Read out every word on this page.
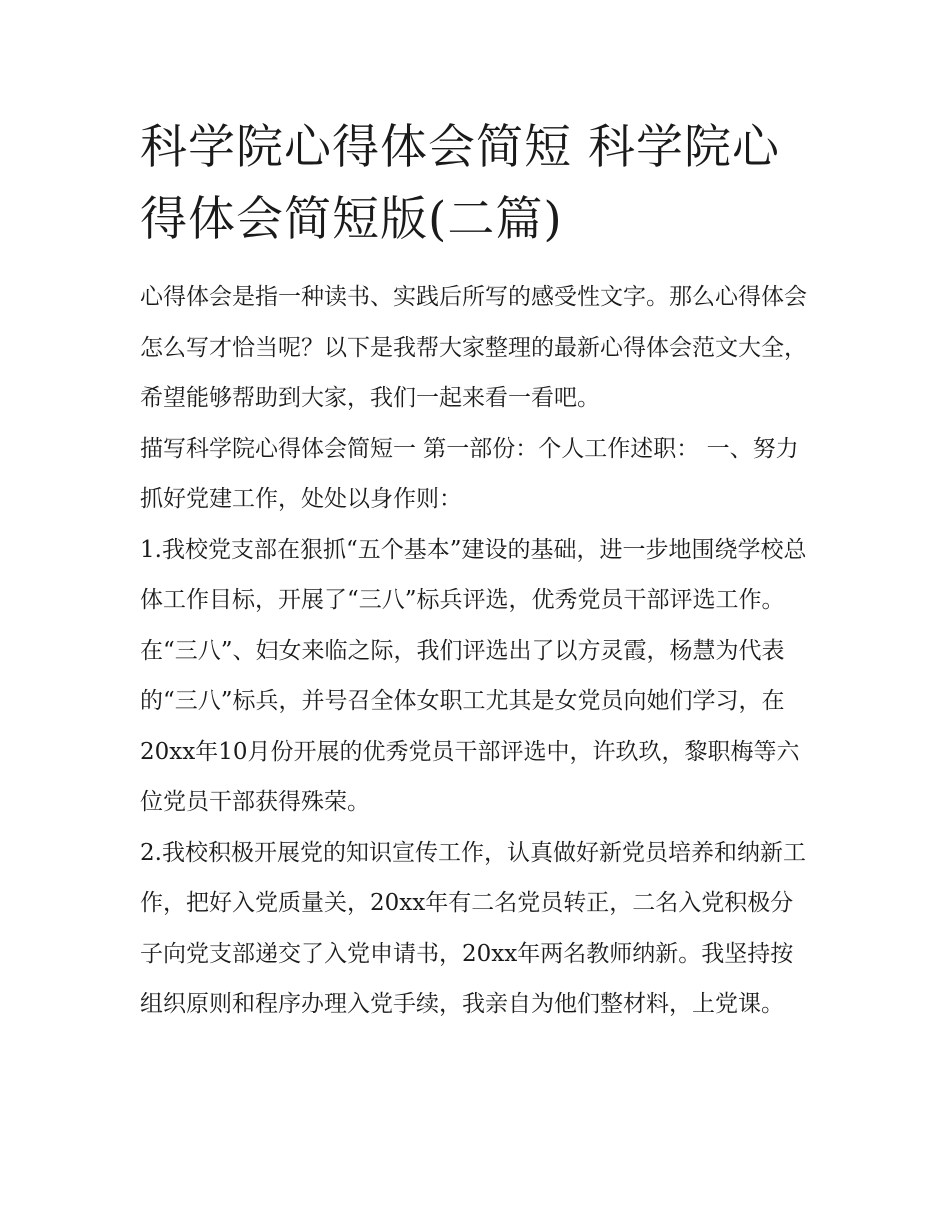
科学院心得体会简短 科学院心得体会简短版(二篇)

心得体会是指一种读书、实践后所写的感受性文字。那么心得体会怎么写才恰当呢？以下是我帮大家整理的最新心得体会范文大全，希望能够帮助到大家，我们一起来看一看吧。

描写科学院心得体会简短一 第一部份：个人工作述职： 一、努力抓好党建工作，处处以身作则：

1.我校党支部在狠抓“五个基本”建设的基础，进一步地围绕学校总体工作目标，开展了“三八”标兵评选，优秀党员干部评选工作。在“三八”、妇女来临之际，我们评选出了以方灵霞，杨慧为代表的“三八”标兵，并号召全体女职工尤其是女党员向她们学习，在20xx年10月份开展的优秀党员干部评选中，许玖玖，黎职梅等六位党员干部获得殊荣。

2.我校积极开展党的知识宣传工作，认真做好新党员培养和纳新工作，把好入党质量关，20xx年有二名党员转正，二名入党积极分子向党支部递交了入党申请书，20xx年两名教师纳新。我坚持按组织原则和程序办理入党手续，我亲自为他们整材料，上党课。
